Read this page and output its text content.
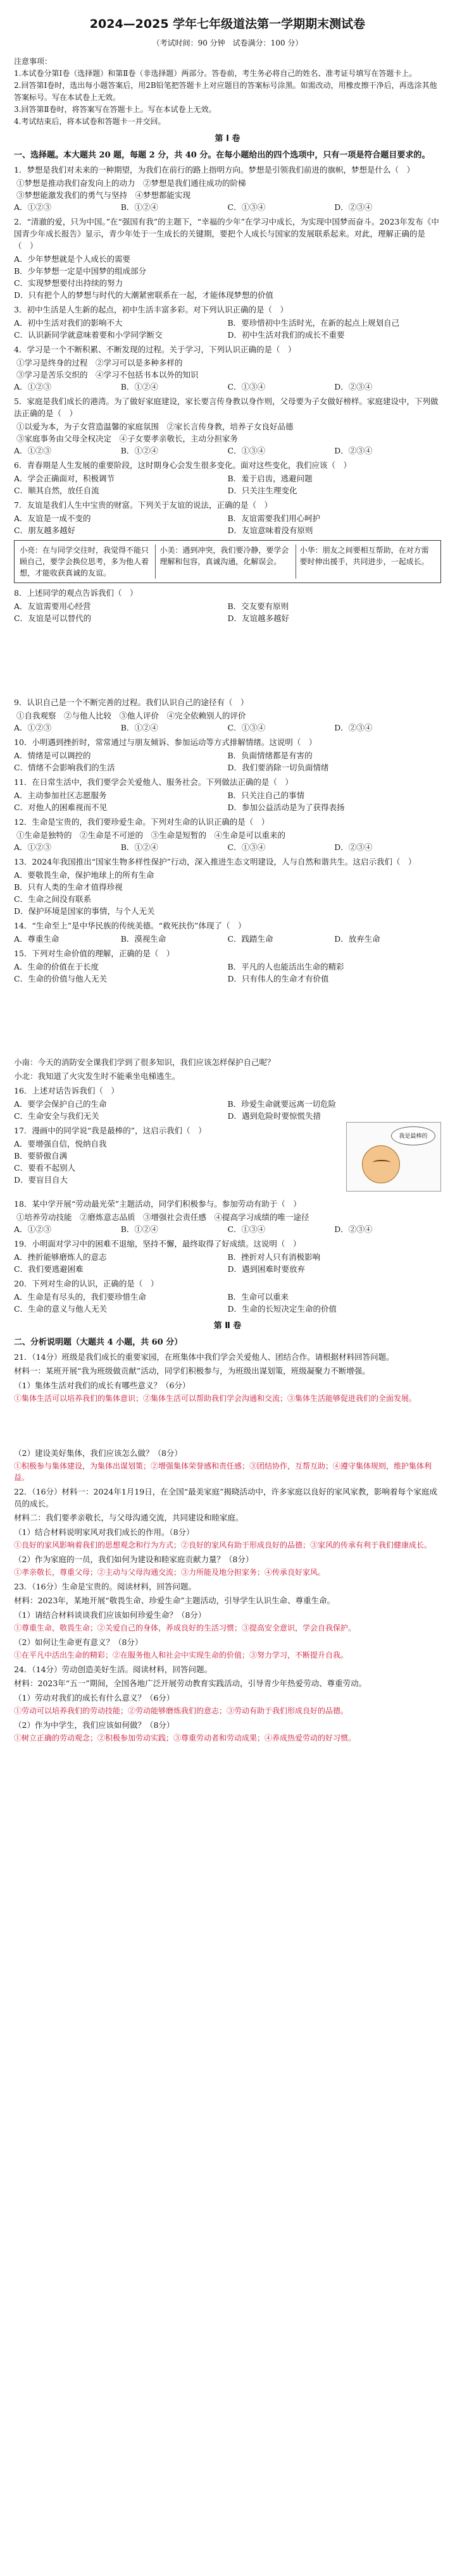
2024—2025 学年七年级道法第一学期期末测试卷
（考试时间：90 分钟　试卷满分：100 分）
注意事项：
1.本试卷分第Ⅰ卷（选择题）和第Ⅱ卷（非选择题）两部分。答卷前，考生务必将自己的姓名、准考证号填写在答题卡上。
2.回答第Ⅰ卷时，选出每小题答案后，用2B铅笔把答题卡上对应题目的答案标号涂黑。如需改动，用橡皮擦干净后，再选涂其他答案标号。写在本试卷上无效。
3.回答第Ⅱ卷时，将答案写在答题卡上。写在本试卷上无效。
4.考试结束后，将本试卷和答题卡一并交回。
第 Ⅰ 卷
一、选择题。本大题共 20 题，每题 2 分，共 40 分。在每小题给出的四个选项中，只有一项是符合题目要求的。
1．梦想是我们对未来的一种期望，为我们在前行的路上指明方向。梦想是引领我们前进的旗帜，梦想是什么（　）
①梦想是推动我们奋发向上的动力　②梦想是我们通往成功的阶梯
③梦想能激发我们的勇气与坚持　④梦想都能实现
A．①②③	B．①②④	C．①③④	D．②③④
2．“清澈的爱，只为中国。”在“强国有我”的主题下，“幸福的少年”在学习中成长，为实现中国梦而奋斗。2023年发布《中国青少年成长报告》显示，青少年处于一生成长的关键期，要把个人成长与国家的发展联系起来。对此，理解正确的是（　）
A．少年梦想就是个人成长的需要
B．少年梦想一定是中国梦的组成部分
C．实现梦想要付出持续的努力
D．只有把个人的梦想与时代的大潮紧密联系在一起，才能体现梦想的价值
3．初中生活是人生新的起点，初中生活丰富多彩。对下列认识正确的是（　）
A．初中生活对我们的影响不大	B．要珍惜初中生活时光，在新的起点上规划自己
C．认识新同学就意味着要和小学同学断交	D．初中生活对我们的成长不重要
4．学习是一个不断积累、不断发现的过程。关于学习，下列认识正确的是（　）
①学习是终身的过程　②学习可以是多种多样的
③学习是苦乐交织的　④学习不包括书本以外的知识
A．①②③	B．①②④	C．①③④	D．②③④
5．家庭是我们成长的港湾。为了做好家庭建设，家长要言传身教以身作则，父母要为子女做好榜样。家庭建设中，下列做法正确的是（　）
①以爱为本，为子女营造温馨的家庭氛围　②家长言传身教，培养子女良好品德
③家庭事务由父母全权决定　④子女要孝亲敬长，主动分担家务
A．①②③	B．①②④	C．①③④	D．②③④
6．青春期是人生发展的重要阶段，这时期身心会发生很多变化。面对这些变化，我们应该（　）
A．学会正确面对，积极调节	B．羞于启齿，逃避问题
C．顺其自然，放任自流	D．只关注生理变化
7．友谊是我们人生中宝贵的财富。下列关于友谊的说法，正确的是（　）
A．友谊是一成不变的	B．友谊需要我们用心呵护
C．朋友越多越好	D．友谊意味着没有原则
小亮：在与同学交往时，我觉得不能只顾自己，要学会换位思考，多为他人着想，才能收获真诚的友谊。
小美：遇到冲突，我们要冷静，要学会理解和包容，真诚沟通，化解误会。
小华：朋友之间要相互帮助，在对方需要时伸出援手，共同进步，一起成长。
8．上述同学的观点告诉我们（　）
A．友谊需要用心经营	B．交友要有原则
C．友谊是可以替代的	D．友谊越多越好
9．认识自己是一个不断完善的过程。我们认识自己的途径有（　）
①自我观察　②与他人比较　③他人评价　④完全依赖别人的评价
A．①②③	B．①②④	C．①③④	D．②③④
10．小明遇到挫折时，常常通过与朋友倾诉、参加运动等方式排解情绪。这说明（　）
A．情绪是可以调控的	B．负面情绪都是有害的
C．情绪不会影响我们的生活	D．我们要消除一切负面情绪
11．在日常生活中，我们要学会关爱他人、服务社会。下列做法正确的是（　）
A．主动参加社区志愿服务	B．只关注自己的事情
C．对他人的困难视而不见	D．参加公益活动是为了获得表扬
12．生命是宝贵的，我们要珍爱生命。下列对生命的认识正确的是（　）
①生命是独特的　②生命是不可逆的　③生命是短暂的　④生命是可以重来的
A．①②③	B．①②④	C．①③④	D．②③④
13．2024年我国推出“国家生物多样性保护”行动，深入推进生态文明建设，人与自然和谐共生。这启示我们（　）
A．要敬畏生命，保护地球上的所有生命
B．只有人类的生命才值得珍视
C．生命之间没有联系
D．保护环境是国家的事情，与个人无关
14．“生命至上”是中华民族的传统美德。“救死扶伤”体现了（　）
A．尊重生命	B．漠视生命	C．践踏生命	D．放弃生命
15．下列对生命价值的理解，正确的是（　）
A．生命的价值在于长度	B．平凡的人也能活出生命的精彩
C．生命的价值与他人无关	D．只有伟人的生命才有价值
小南：今天的消防安全课我们学到了很多知识，我们应该怎样保护自己呢？
小北：我知道了火灾发生时不能乘坐电梯逃生。
16．上述对话告诉我们（　）
A．要学会保护自己的生命	B．珍爱生命就要远离一切危险
C．生命安全与我们无关	D．遇到危险时要惊慌失措
我是最棒的
17．漫画中的同学说“我是最棒的”，这启示我们（　）
A．要增强自信，悦纳自我
B．要骄傲自满
C．要看不起别人
D．要盲目自大
18．某中学开展“劳动最光荣”主题活动，同学们积极参与。参加劳动有助于（　）
①培养劳动技能　②磨炼意志品质　③增强社会责任感　④提高学习成绩的唯一途径
A．①②③	B．①②④	C．①③④	D．②③④
19．小明面对学习中的困难不退缩，坚持不懈，最终取得了好成绩。这说明（　）
A．挫折能够磨炼人的意志	B．挫折对人只有消极影响
C．我们要逃避困难	D．遇到困难时要放弃
20．下列对生命的认识，正确的是（　）
A．生命是有尽头的，我们要珍惜生命	B．生命可以重来
C．生命的意义与他人无关	D．生命的长短决定生命的价值
第 Ⅱ 卷
二、分析说明题（大题共 4 小题，共 60 分）
21．（14分）班级是我们成长的重要家园，在班集体中我们学会关爱他人、团结合作。请根据材料回答问题。
材料一：某班开展“我为班级做贡献”活动，同学们积极参与，为班级出谋划策，班级凝聚力不断增强。
（1）集体生活对我们的成长有哪些意义？（6分）
①集体生活可以培养我们的集体意识；②集体生活可以帮助我们学会沟通和交流；③集体生活能够促进我们的全面发展。
（2）建设美好集体，我们应该怎么做？（8分）
①积极参与集体建设，为集体出谋划策；②增强集体荣誉感和责任感；③团结协作，互帮互助；④遵守集体规则，维护集体利益。
22．（16分）材料一：2024年1月19日，在全国“最美家庭”揭晓活动中，许多家庭以良好的家风家教，影响着每个家庭成员的成长。
材料二：我们要孝亲敬长，与父母沟通交流，共同建设和睦家庭。
（1）结合材料说明家风对我们成长的作用。（8分）
①良好的家风影响着我们的思想观念和行为方式；②良好的家风有助于形成良好的品德；③家风的传承有利于我们健康成长。
（2）作为家庭的一员，我们如何为建设和睦家庭贡献力量？（8分）
①孝亲敬长，尊重父母；②主动与父母沟通交流；③力所能及地分担家务；④传承良好家风。
23．（16分）生命是宝贵的。阅读材料，回答问题。
材料：2023年，某地开展“敬畏生命、珍爱生命”主题活动，引导学生认识生命、尊重生命。
（1）请结合材料谈谈我们应该如何珍爱生命？（8分）
①尊重生命，敬畏生命；②关爱自己的身体，养成良好的生活习惯；③提高安全意识，学会自我保护。
（2）如何让生命更有意义？（8分）
①在平凡中活出生命的精彩；②在服务他人和社会中实现生命的价值；③努力学习，不断提升自我。
24．（14分）劳动创造美好生活。阅读材料，回答问题。
材料：2023年“五一”期间，全国各地广泛开展劳动教育实践活动，引导青少年热爱劳动、尊重劳动。
（1）劳动对我们的成长有什么意义？（6分）
①劳动可以培养我们的劳动技能；②劳动能够磨炼我们的意志；③劳动有助于我们形成良好的品德。
（2）作为中学生，我们应该如何做？（8分）
①树立正确的劳动观念；②积极参加劳动实践；③尊重劳动者和劳动成果；④养成热爱劳动的好习惯。
